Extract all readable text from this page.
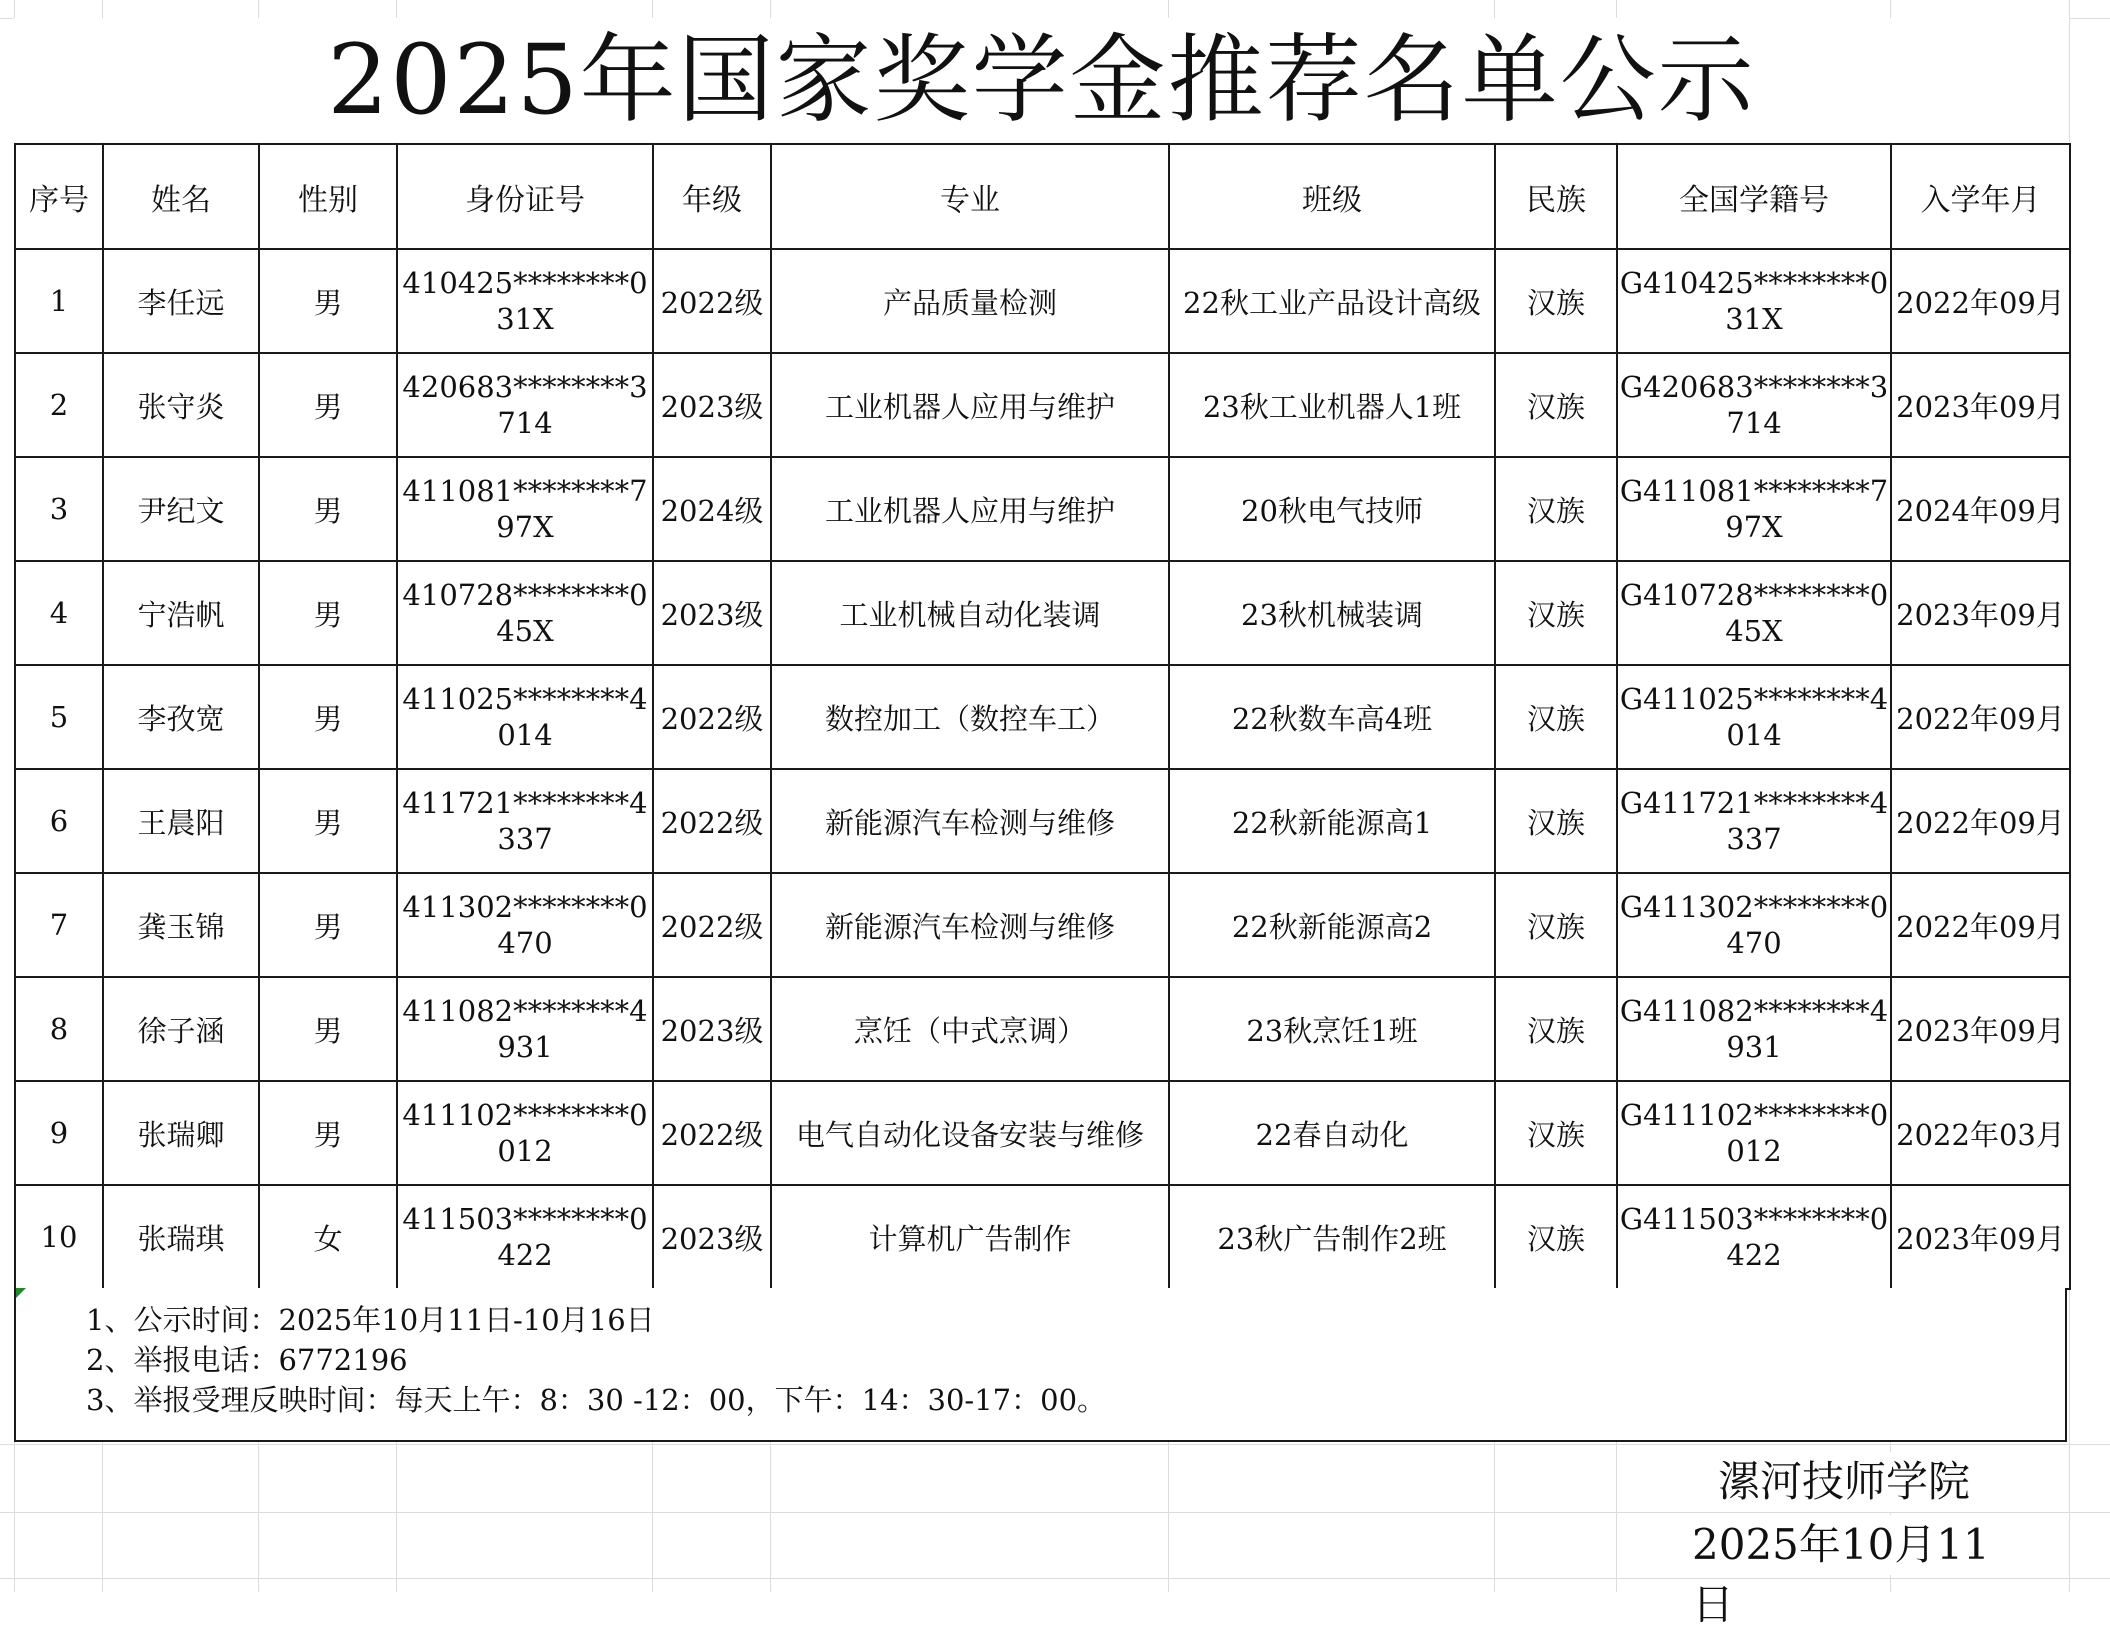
2025年国家奖学金推荐名单公示
序号	姓名	性别	身份证号	年级	专业	班级	民族	全国学籍号	入学年月
1	李任远	男	410425********031X	2022级	产品质量检测	22秋工业产品设计高级	汉族	G410425********031X	2022年09月
2	张守炎	男	420683********3714	2023级	工业机器人应用与维护	23秋工业机器人1班	汉族	G420683********3714	2023年09月
3	尹纪文	男	411081********797X	2024级	工业机器人应用与维护	20秋电气技师	汉族	G411081********797X	2024年09月
4	宁浩帆	男	410728********045X	2023级	工业机械自动化装调	23秋机械装调	汉族	G410728********045X	2023年09月
5	李孜宽	男	411025********4014	2022级	数控加工（数控车工）	22秋数车高4班	汉族	G411025********4014	2022年09月
6	王晨阳	男	411721********4337	2022级	新能源汽车检测与维修	22秋新能源高1	汉族	G411721********4337	2022年09月
7	龚玉锦	男	411302********0470	2022级	新能源汽车检测与维修	22秋新能源高2	汉族	G411302********0470	2022年09月
8	徐子涵	男	411082********4931	2023级	烹饪（中式烹调）	23秋烹饪1班	汉族	G411082********4931	2023年09月
9	张瑞卿	男	411102********0012	2022级	电气自动化设备安装与维修	22春自动化	汉族	G411102********0012	2022年03月
10	张瑞琪	女	411503********0422	2023级	计算机广告制作	23秋广告制作2班	汉族	G411503********0422	2023年09月
1、公示时间：2025年10月11日-10月16日
2、举报电话：6772196
3、举报受理反映时间：每天上午：8：30 -12：00，下午：14：30-17：00。
漯河技师学院
2025年10月11日
